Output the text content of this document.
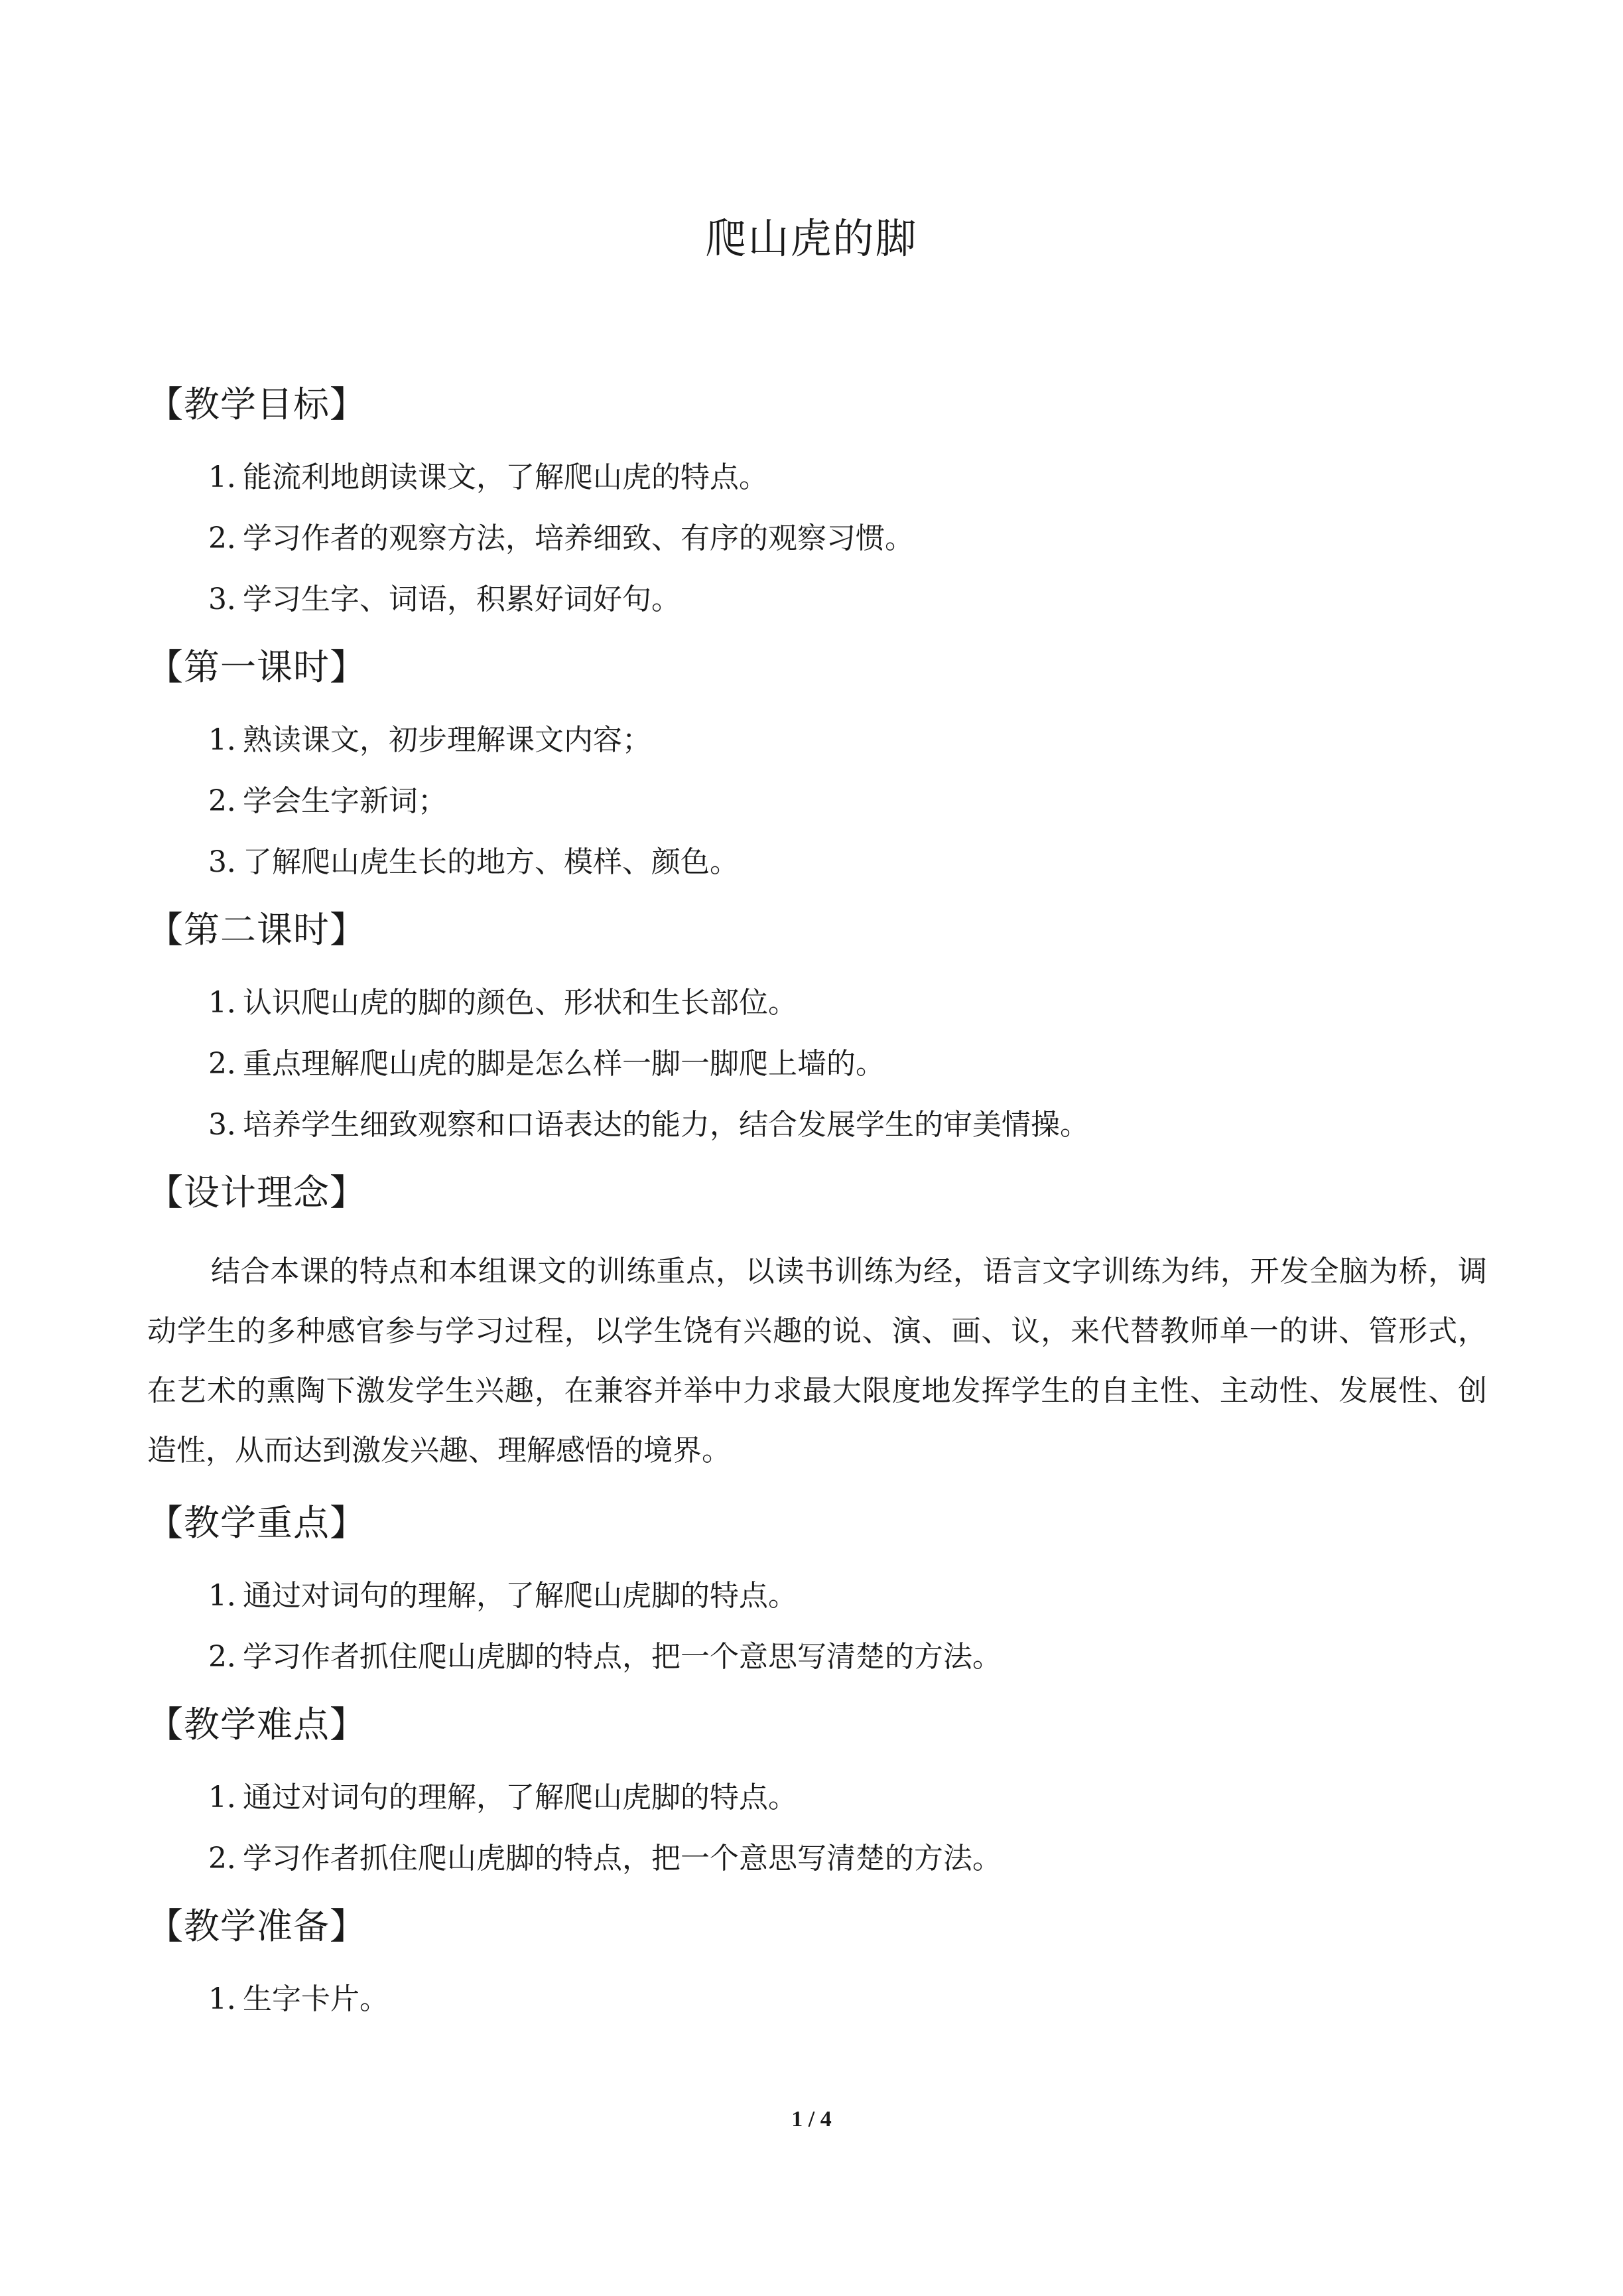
爬山虎的脚
【教学目标】
1．能流利地朗读课文，了解爬山虎的特点。
2．学习作者的观察方法，培养细致、有序的观察习惯。
3．学习生字、词语，积累好词好句。
【第一课时】
1．熟读课文，初步理解课文内容；
2．学会生字新词；
3．了解爬山虎生长的地方、模样、颜色。
【第二课时】
1．认识爬山虎的脚的颜色、形状和生长部位。
2．重点理解爬山虎的脚是怎么样一脚一脚爬上墙的。
3．培养学生细致观察和口语表达的能力，结合发展学生的审美情操。
【设计理念】
结合本课的特点和本组课文的训练重点，以读书训练为经，语言文字训练为纬，开发全脑为桥，调动学生的多种感官参与学习过程，以学生饶有兴趣的说、演、画、议，来代替教师单一的讲、管形式，在艺术的熏陶下激发学生兴趣，在兼容并举中力求最大限度地发挥学生的自主性、主动性、发展性、创造性，从而达到激发兴趣、理解感悟的境界。
【教学重点】
1．通过对词句的理解，了解爬山虎脚的特点。
2．学习作者抓住爬山虎脚的特点，把一个意思写清楚的方法。
【教学难点】
1．通过对词句的理解，了解爬山虎脚的特点。
2．学习作者抓住爬山虎脚的特点，把一个意思写清楚的方法。
【教学准备】
1．生字卡片。
1 / 4
